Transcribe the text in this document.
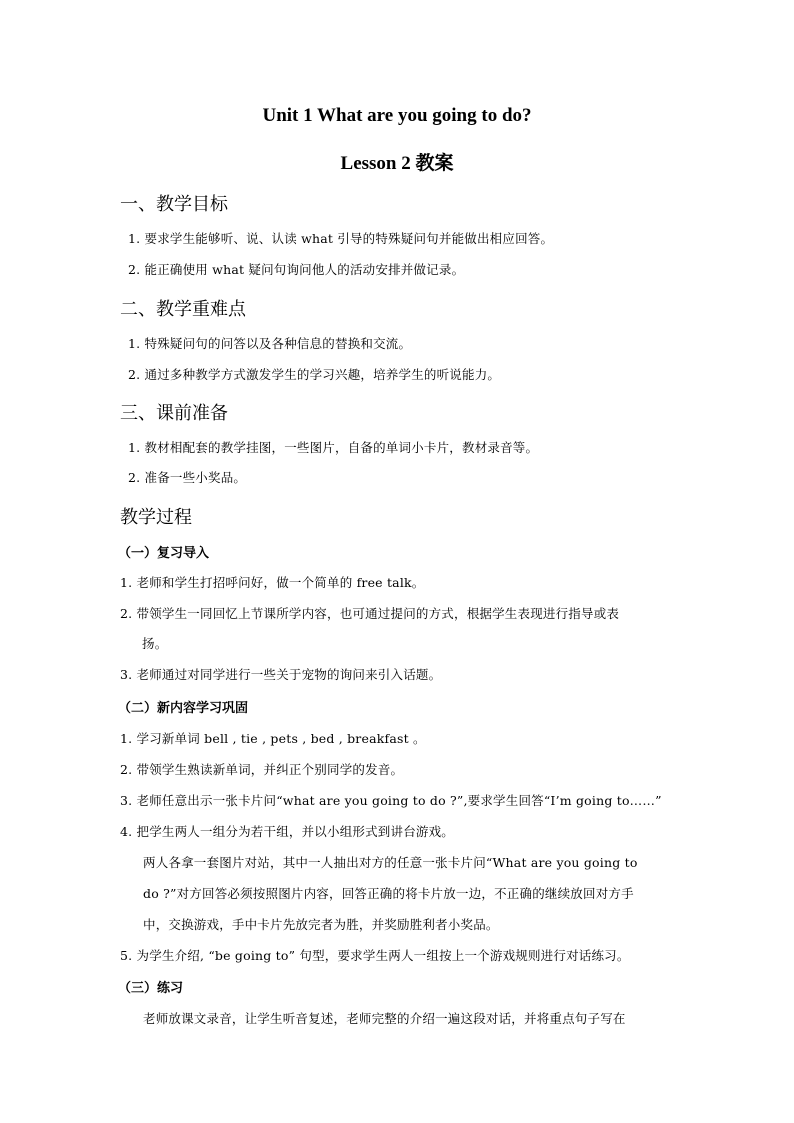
Unit 1 What are you going to do?
Lesson 2 教案
一、教学目标
1. 要求学生能够听、说、认读 what 引导的特殊疑问句并能做出相应回答。
2. 能正确使用 what 疑问句询问他人的活动安排并做记录。
二、教学重难点
1. 特殊疑问句的问答以及各种信息的替换和交流。
2. 通过多种教学方式激发学生的学习兴趣，培养学生的听说能力。
三、课前准备
1. 教材相配套的教学挂图，一些图片，自备的单词小卡片，教材录音等。
2. 准备一些小奖品。
教学过程
（一）复习导入
1. 老师和学生打招呼问好，做一个简单的 free talk。
2. 带领学生一同回忆上节课所学内容，也可通过提问的方式，根据学生表现进行指导或表
扬。
3. 老师通过对同学进行一些关于宠物的询问来引入话题。
（二）新内容学习巩固
1. 学习新单词 bell , tie , pets , bed , breakfast 。
2. 带领学生熟读新单词，并纠正个别同学的发音。
3. 老师任意出示一张卡片问“what are you going to do ?”,要求学生回答“I’m going to……”
4. 把学生两人一组分为若干组，并以小组形式到讲台游戏。
两人各拿一套图片对站，其中一人抽出对方的任意一张卡片问“What are you going to
do ?”对方回答必须按照图片内容，回答正确的将卡片放一边，不正确的继续放回对方手
中，交换游戏，手中卡片先放完者为胜，并奖励胜利者小奖品。
5. 为学生介绍, “be going to” 句型，要求学生两人一组按上一个游戏规则进行对话练习。
（三）练习
老师放课文录音，让学生听音复述，老师完整的介绍一遍这段对话，并将重点句子写在
